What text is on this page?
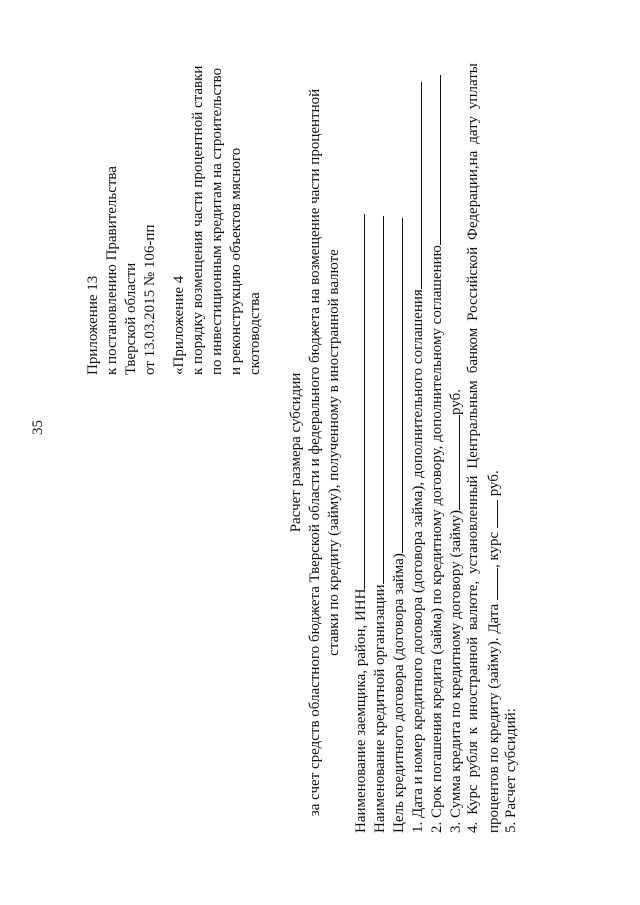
35
Приложение 13 к постановлению Правительства Тверской области от 13.03.2015 № 106-пп «Приложение 4 к порядку возмещения части процентной ставки по инвестиционным кредитам на строительство и реконструкцию объектов мясного скотоводства
Расчет размера субсидии за счет средств областного бюджета Тверской области и федерального бюджета на возмещение части процентной ставки по кредиту (займу), полученному в иностранной валюте
Наименование заемщика, район, ИНН Наименование кредитной организации Цель кредитного договора (договора займа) 1. Дата и номер кредитного договора (договора займа), дополнительного соглашения 2. Срок погашения кредита (займа) по кредитному договору, дополнительному соглашению 3. Сумма кредита по кредитному договору (займу)руб.
4.
Курс
рубля
к
иностранной
валюте,
установленный
Центральным
банком
Российской
Федерации,на
дату
уплаты
процентов по кредиту (займу). Дата , курс  руб.
5. Расчет субсидий:
